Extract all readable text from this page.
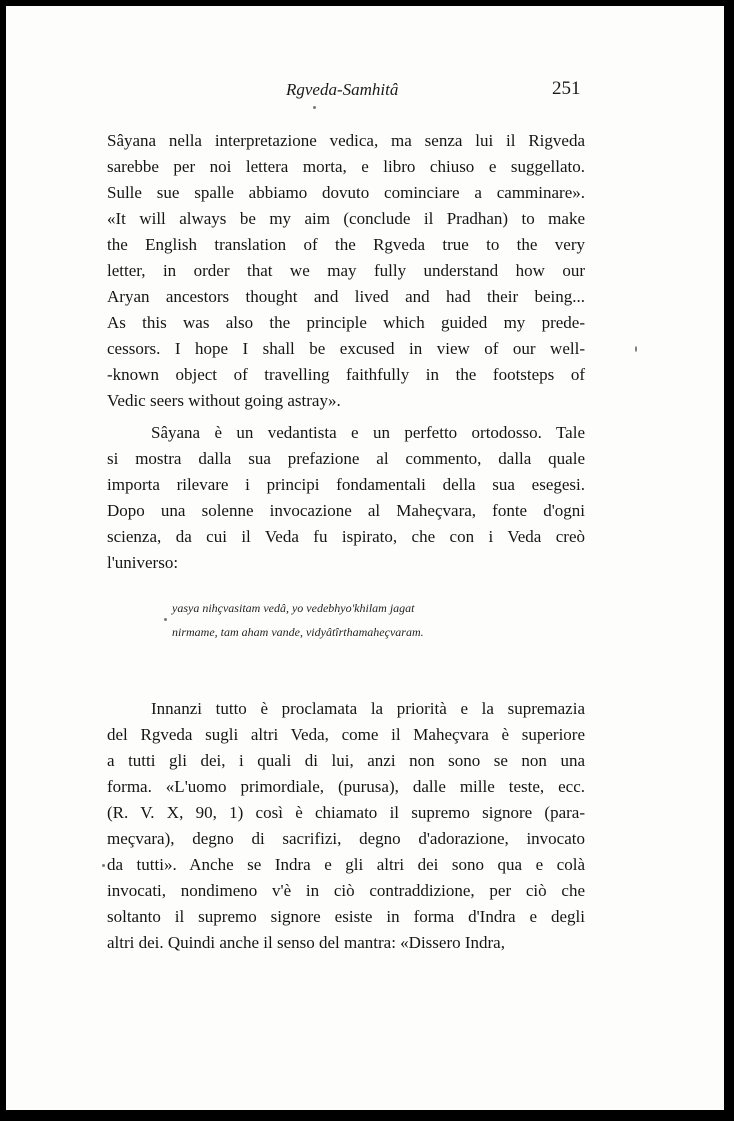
Rgveda-Samhitâ	251

Sâyana nella interpretazione vedica, ma senza lui il Rigveda

sarebbe per noi lettera morta, e libro chiuso e suggellato.

Sulle sue spalle abbiamo dovuto cominciare a camminare».

«It will always be my aim (conclude il Pradhan) to make

the English translation of the Rgveda true to the very

letter, in order that we may fully understand how our

Aryan ancestors thought and lived and had their being...

As this was also the principle which guided my prede-

cessors. I hope I shall be excused in view of our well-

-known object of travelling faithfully in the footsteps of

Vedic seers without going astray».

Sâyana è un vedantista e un perfetto ortodosso. Tale

si mostra dalla sua prefazione al commento, dalla quale

importa rilevare i principi fondamentali della sua esegesi.

Dopo una solenne invocazione al Maheçvara, fonte d'ogni

scienza, da cui il Veda fu ispirato, che con i Veda creò

l'universo:

yasya nihçvasitam vedâ, yo vedebhyo'khilam jagat
nirmame, tam aham vande, vidyâtîrthamaheçvaram.

Innanzi tutto è proclamata la priorità e la supremazia

del Rgveda sugli altri Veda, come il Maheçvara è superiore

a tutti gli dei, i quali di lui, anzi non sono se non una

forma. «L'uomo primordiale, (purusa), dalle mille teste, ecc.

(R. V. X, 90, 1) così è chiamato il supremo signore (para-

meçvara), degno di sacrifizi, degno d'adorazione, invocato

da tutti». Anche se Indra e gli altri dei sono qua e colà

invocati, nondimeno v'è in ciò contraddizione, per ciò che

soltanto il supremo signore esiste in forma d'Indra e degli

altri dei. Quindi anche il senso del mantra: «Dissero Indra,
